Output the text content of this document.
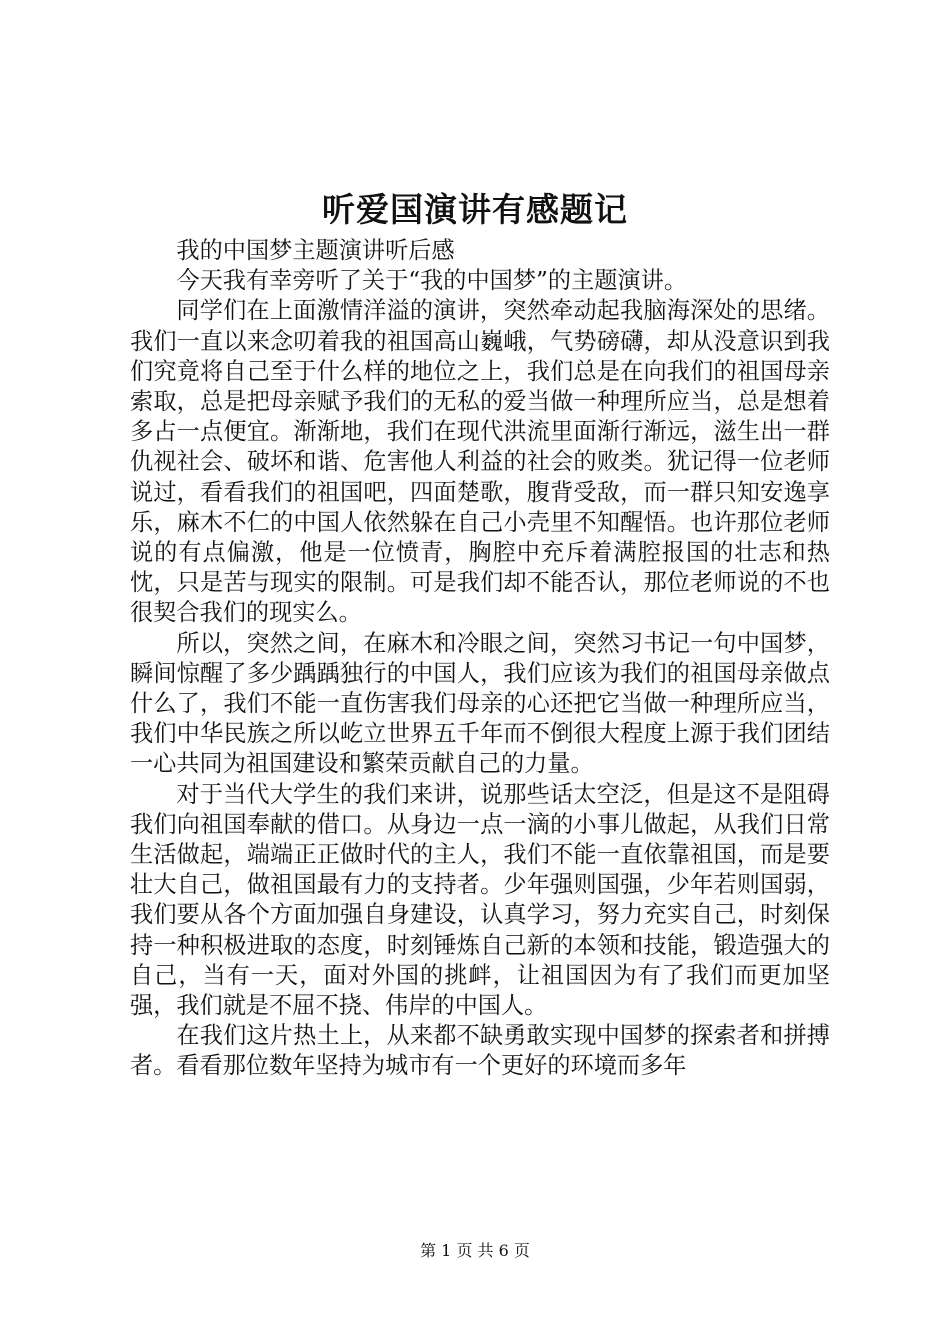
听爱国演讲有感题记

我的中国梦主题演讲听后感

今天我有幸旁听了关于“我的中国梦”的主题演讲。

同学们在上面激情洋溢的演讲，突然牵动起我脑海深处的思绪。我们一直以来念叨着我的祖国高山巍峨，气势磅礴，却从没意识到我们究竟将自己至于什么样的地位之上，我们总是在向我们的祖国母亲索取，总是把母亲赋予我们的无私的爱当做一种理所应当，总是想着多占一点便宜。渐渐地，我们在现代洪流里面渐行渐远，滋生出一群仇视社会、破坏和谐、危害他人利益的社会的败类。犹记得一位老师说过，看看我们的祖国吧，四面楚歌，腹背受敌，而一群只知安逸享乐，麻木不仁的中国人依然躲在自己小壳里不知醒悟。也许那位老师说的有点偏激，他是一位愤青，胸腔中充斥着满腔报国的壮志和热忱，只是苦与现实的限制。可是我们却不能否认，那位老师说的不也很契合我们的现实么。

所以，突然之间，在麻木和冷眼之间，突然习书记一句中国梦，瞬间惊醒了多少踽踽独行的中国人，我们应该为我们的祖国母亲做点什么了，我们不能一直伤害我们母亲的心还把它当做一种理所应当，我们中华民族之所以屹立世界五千年而不倒很大程度上源于我们团结一心共同为祖国建设和繁荣贡献自己的力量。

对于当代大学生的我们来讲，说那些话太空泛，但是这不是阻碍我们向祖国奉献的借口。从身边一点一滴的小事儿做起，从我们日常生活做起，端端正正做时代的主人，我们不能一直依靠祖国，而是要壮大自己，做祖国最有力的支持者。少年强则国强，少年若则国弱，我们要从各个方面加强自身建设，认真学习，努力充实自己，时刻保持一种积极进取的态度，时刻锤炼自己新的本领和技能，锻造强大的自己，当有一天，面对外国的挑衅，让祖国因为有了我们而更加坚强，我们就是不屈不挠、伟岸的中国人。

在我们这片热土上，从来都不缺勇敢实现中国梦的探索者和拼搏者。看看那位数年坚持为城市有一个更好的环境而多年

第 1 页 共 6 页
